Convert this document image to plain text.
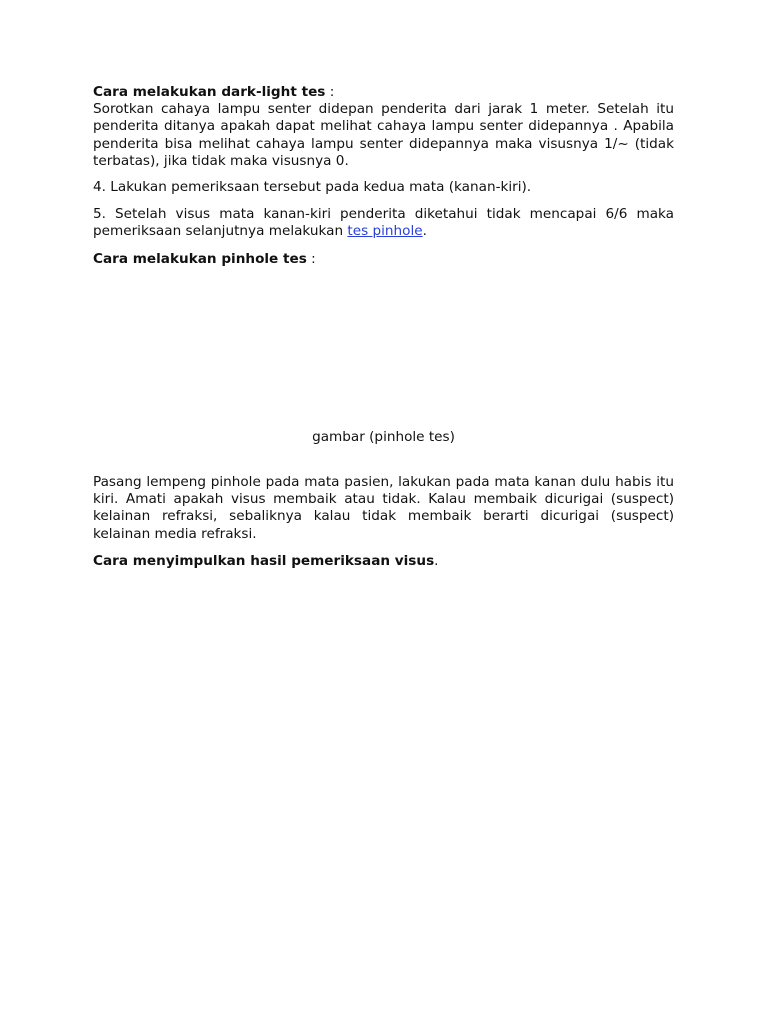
Cara melakukan dark-light tes :
Sorotkan cahaya lampu senter didepan penderita dari jarak 1 meter. Setelah itu penderita ditanya apakah dapat melihat cahaya lampu senter didepannya . Apabila penderita bisa melihat cahaya lampu senter didepannya maka visusnya 1/~ (tidak terbatas), jika tidak maka visusnya 0.

4. Lakukan pemeriksaan tersebut pada kedua mata (kanan-kiri).

5. Setelah visus mata kanan-kiri penderita diketahui tidak mencapai 6/6 maka pemeriksaan selanjutnya melakukan tes pinhole.

Cara melakukan pinhole tes :

gambar (pinhole tes)

Pasang lempeng pinhole pada mata pasien, lakukan pada mata kanan dulu habis itu kiri. Amati apakah visus membaik atau tidak. Kalau membaik dicurigai (suspect) kelainan refraksi, sebaliknya kalau tidak membaik berarti dicurigai (suspect) kelainan media refraksi.

Cara menyimpulkan hasil pemeriksaan visus.
